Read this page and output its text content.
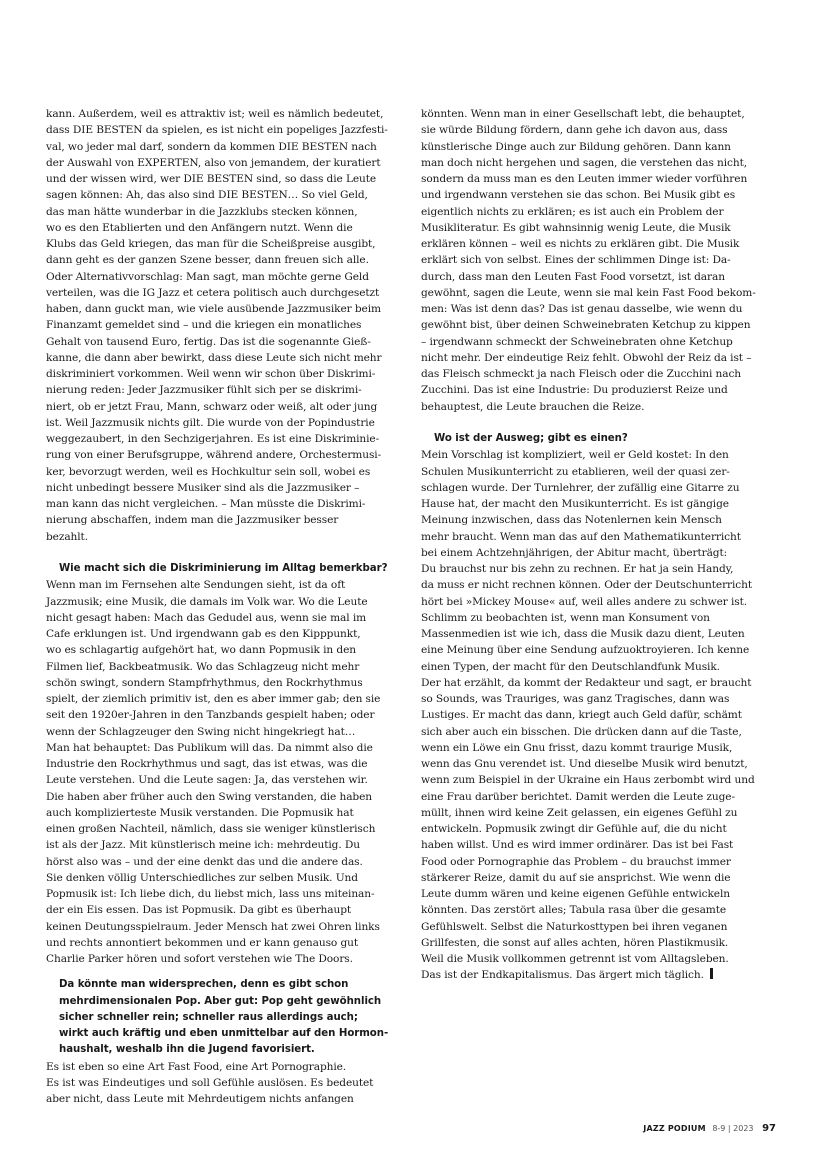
kann. Außerdem, weil es attraktiv ist; weil es nämlich bedeutet,
dass DIE BESTEN da spielen, es ist nicht ein popeliges Jazzfesti-
val, wo jeder mal darf, sondern da kommen DIE BESTEN nach
der Auswahl von EXPERTEN, also von jemandem, der kuratiert
und der wissen wird, wer DIE BESTEN sind, so dass die Leute
sagen können: Ah, das also sind DIE BESTEN… So viel Geld,
das man hätte wunderbar in die Jazzklubs stecken können,
wo es den Etablierten und den Anfängern nutzt. Wenn die
Klubs das Geld kriegen, das man für die Scheißpreise ausgibt,
dann geht es der ganzen Szene besser, dann freuen sich alle.
Oder Alternativvorschlag: Man sagt, man möchte gerne Geld
verteilen, was die IG Jazz et cetera politisch auch durchgesetzt
haben, dann guckt man, wie viele ausübende Jazzmusiker beim
Finanzamt gemeldet sind – und die kriegen ein monatliches
Gehalt von tausend Euro, fertig. Das ist die sogenannte Gieß-
kanne, die dann aber bewirkt, dass diese Leute sich nicht mehr
diskriminiert vorkommen. Weil wenn wir schon über Diskrimi-
nierung reden: Jeder Jazzmusiker fühlt sich per se diskrimi-
niert, ob er jetzt Frau, Mann, schwarz oder weiß, alt oder jung
ist. Weil Jazzmusik nichts gilt. Die wurde von der Popindustrie
weggezaubert, in den Sechzigerjahren. Es ist eine Diskriminie-
rung von einer Berufsgruppe, während andere, Orchestermusi-
ker, bevorzugt werden, weil es Hochkultur sein soll, wobei es
nicht unbedingt bessere Musiker sind als die Jazzmusiker –
man kann das nicht vergleichen. – Man müsste die Diskrimi-
nierung abschaffen, indem man die Jazzmusiker besser
bezahlt.
Wie macht sich die Diskriminierung im Alltag bemerkbar?
Wenn man im Fernsehen alte Sendungen sieht, ist da oft
Jazzmusik; eine Musik, die damals im Volk war. Wo die Leute
nicht gesagt haben: Mach das Gedudel aus, wenn sie mal im
Cafe erklungen ist. Und irgendwann gab es den Kipppunkt,
wo es schlagartig aufgehört hat, wo dann Popmusik in den
Filmen lief, Backbeatmusik. Wo das Schlagzeug nicht mehr
schön swingt, sondern Stampfrhythmus, den Rockrhythmus
spielt, der ziemlich primitiv ist, den es aber immer gab; den sie
seit den 1920er-Jahren in den Tanzbands gespielt haben; oder
wenn der Schlagzeuger den Swing nicht hingekriegt hat…
Man hat behauptet: Das Publikum will das. Da nimmt also die
Industrie den Rockrhythmus und sagt, das ist etwas, was die
Leute verstehen. Und die Leute sagen: Ja, das verstehen wir.
Die haben aber früher auch den Swing verstanden, die haben
auch komplizierteste Musik verstanden. Die Popmusik hat
einen großen Nachteil, nämlich, dass sie weniger künstlerisch
ist als der Jazz. Mit künstlerisch meine ich: mehrdeutig. Du
hörst also was – und der eine denkt das und die andere das.
Sie denken völlig Unterschiedliches zur selben Musik. Und
Popmusik ist: Ich liebe dich, du liebst mich, lass uns miteinan-
der ein Eis essen. Das ist Popmusik. Da gibt es überhaupt
keinen Deutungsspielraum. Jeder Mensch hat zwei Ohren links
und rechts annontiert bekommen und er kann genauso gut
Charlie Parker hören und sofort verstehen wie The Doors.
Da könnte man widersprechen, denn es gibt schon
mehrdimensionalen Pop. Aber gut: Pop geht gewöhnlich
sicher schneller rein; schneller raus allerdings auch;
wirkt auch kräftig und eben unmittelbar auf den Hormon-
haushalt, weshalb ihn die Jugend favorisiert.
Es ist eben so eine Art Fast Food, eine Art Pornographie.
Es ist was Eindeutiges und soll Gefühle auslösen. Es bedeutet
aber nicht, dass Leute mit Mehrdeutigem nichts anfangen
könnten. Wenn man in einer Gesellschaft lebt, die behauptet,
sie würde Bildung fördern, dann gehe ich davon aus, dass
künstlerische Dinge auch zur Bildung gehören. Dann kann
man doch nicht hergehen und sagen, die verstehen das nicht,
sondern da muss man es den Leuten immer wieder vorführen
und irgendwann verstehen sie das schon. Bei Musik gibt es
eigentlich nichts zu erklären; es ist auch ein Problem der
Musikliteratur. Es gibt wahnsinnig wenig Leute, die Musik
erklären können – weil es nichts zu erklären gibt. Die Musik
erklärt sich von selbst. Eines der schlimmen Dinge ist: Da-
durch, dass man den Leuten Fast Food vorsetzt, ist daran
gewöhnt, sagen die Leute, wenn sie mal kein Fast Food bekom-
men: Was ist denn das? Das ist genau dasselbe, wie wenn du
gewöhnt bist, über deinen Schweinebraten Ketchup zu kippen
– irgendwann schmeckt der Schweinebraten ohne Ketchup
nicht mehr. Der eindeutige Reiz fehlt. Obwohl der Reiz da ist –
das Fleisch schmeckt ja nach Fleisch oder die Zucchini nach
Zucchini. Das ist eine Industrie: Du produzierst Reize und
behauptest, die Leute brauchen die Reize.
Wo ist der Ausweg; gibt es einen?
Mein Vorschlag ist kompliziert, weil er Geld kostet: In den
Schulen Musikunterricht zu etablieren, weil der quasi zer-
schlagen wurde. Der Turnlehrer, der zufällig eine Gitarre zu
Hause hat, der macht den Musikunterricht. Es ist gängige
Meinung inzwischen, dass das Notenlernen kein Mensch
mehr braucht. Wenn man das auf den Mathematikunterricht
bei einem Achtzehnjährigen, der Abitur macht, überträgt:
Du brauchst nur bis zehn zu rechnen. Er hat ja sein Handy,
da muss er nicht rechnen können. Oder der Deutschunterricht
hört bei »Mickey Mouse« auf, weil alles andere zu schwer ist.
Schlimm zu beobachten ist, wenn man Konsument von
Massenmedien ist wie ich, dass die Musik dazu dient, Leuten
eine Meinung über eine Sendung aufzuoktroyieren. Ich kenne
einen Typen, der macht für den Deutschlandfunk Musik.
Der hat erzählt, da kommt der Redakteur und sagt, er braucht
so Sounds, was Trauriges, was ganz Tragisches, dann was
Lustiges. Er macht das dann, kriegt auch Geld dafür, schämt
sich aber auch ein bisschen. Die drücken dann auf die Taste,
wenn ein Löwe ein Gnu frisst, dazu kommt traurige Musik,
wenn das Gnu verendet ist. Und dieselbe Musik wird benutzt,
wenn zum Beispiel in der Ukraine ein Haus zerbombt wird und
eine Frau darüber berichtet. Damit werden die Leute zuge-
müllt, ihnen wird keine Zeit gelassen, ein eigenes Gefühl zu
entwickeln. Popmusik zwingt dir Gefühle auf, die du nicht
haben willst. Und es wird immer ordinärer. Das ist bei Fast
Food oder Pornographie das Problem – du brauchst immer
stärkerer Reize, damit du auf sie ansprichst. Wie wenn die
Leute dumm wären und keine eigenen Gefühle entwickeln
könnten. Das zerstört alles; Tabula rasa über die gesamte
Gefühlswelt. Selbst die Naturkosttypen bei ihren veganen
Grillfesten, die sonst auf alles achten, hören Plastikmusik.
Weil die Musik vollkommen getrennt ist vom Alltagsleben.
Das ist der Endkapitalismus. Das ärgert mich täglich.
JAZZ PODIUM 8-9 | 2023 97
